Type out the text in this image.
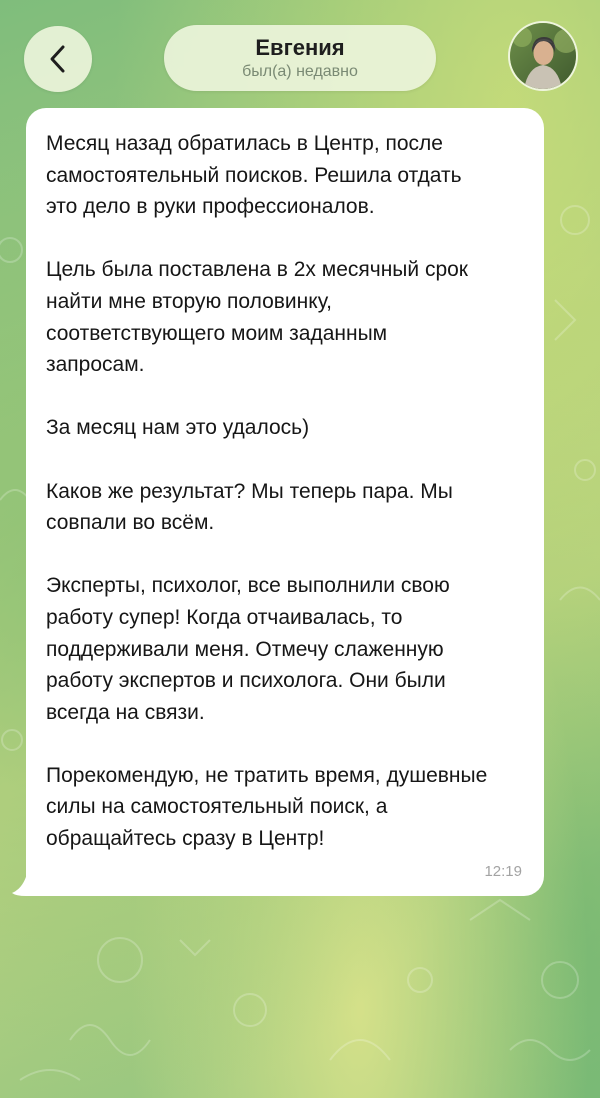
Евгения
был(а) недавно

Месяц назад обратилась в Центр, после
самостоятельный поисков. Решила отдать
это дело в руки профессионалов.

Цель была поставлена в 2х месячный срок
найти мне вторую половинку,
соответствующего моим заданным
запросам.

За месяц нам это удалось)

Каков же результат? Мы теперь пара. Мы
совпали во всём.

Эксперты, психолог, все выполнили свою
работу супер! Когда отчаивалась, то
поддерживали меня. Отмечу слаженную
работу экспертов и психолога. Они были
всегда на связи.

Порекомендую, не тратить время, душевные
силы на самостоятельный поиск, а
обращайтесь сразу в Центр!

12:19
